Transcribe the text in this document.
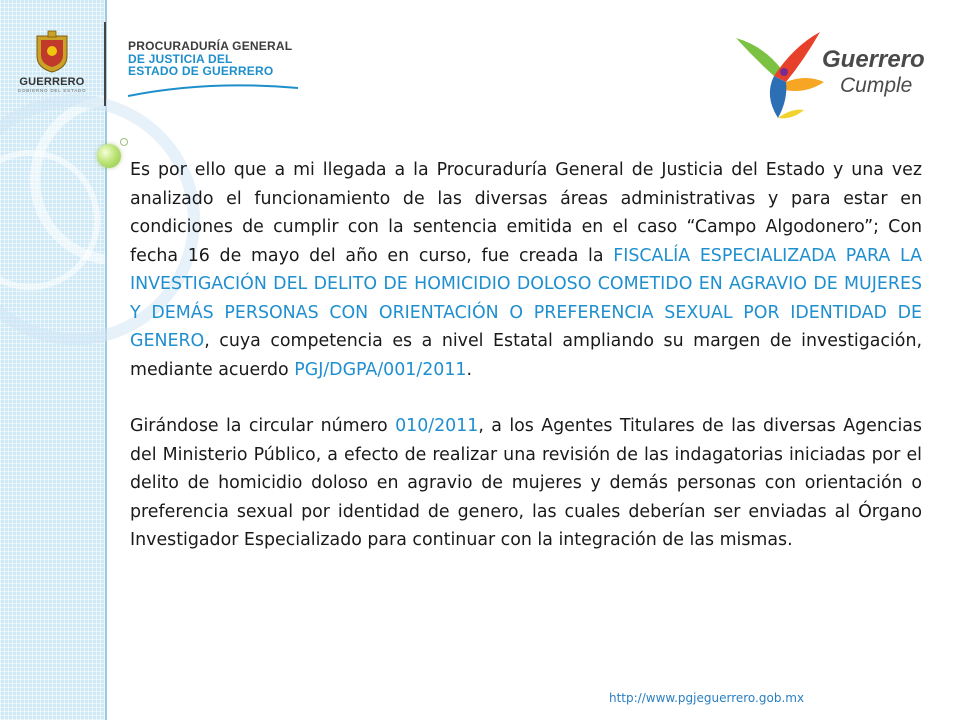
GUERRERO
GOBIERNO DEL ESTADO
PROCURADURÍA GENERAL
DE JUSTICIA DEL
ESTADO DE GUERRERO	Guerrero
Cumple

Es por ello que a mi llegada a la Procuraduría General de Justicia del Estado y una vez analizado el funcionamiento de las diversas áreas administrativas y para estar en condiciones de cumplir con la sentencia emitida en el caso “Campo Algodonero”; Con fecha 16 de mayo del año en curso, fue creada la FISCALÍA ESPECIALIZADA PARA LA INVESTIGACIÓN DEL DELITO DE HOMICIDIO DOLOSO COMETIDO EN AGRAVIO DE MUJERES Y DEMÁS PERSONAS CON ORIENTACIÓN O PREFERENCIA SEXUAL POR IDENTIDAD DE GENERO, cuya competencia es a nivel Estatal ampliando su margen de investigación, mediante acuerdo PGJ/DGPA/001/2011.

Girándose la circular número 010/2011, a los Agentes Titulares de las diversas Agencias del Ministerio Público, a efecto de realizar una revisión de las indagatorias iniciadas por el delito de homicidio doloso en agravio de mujeres y demás personas con orientación o preferencia sexual por identidad de genero, las cuales deberían ser enviadas al Órgano Investigador Especializado para continuar con la integración de las mismas.

http://www.pgjeguerrero.gob.mx
